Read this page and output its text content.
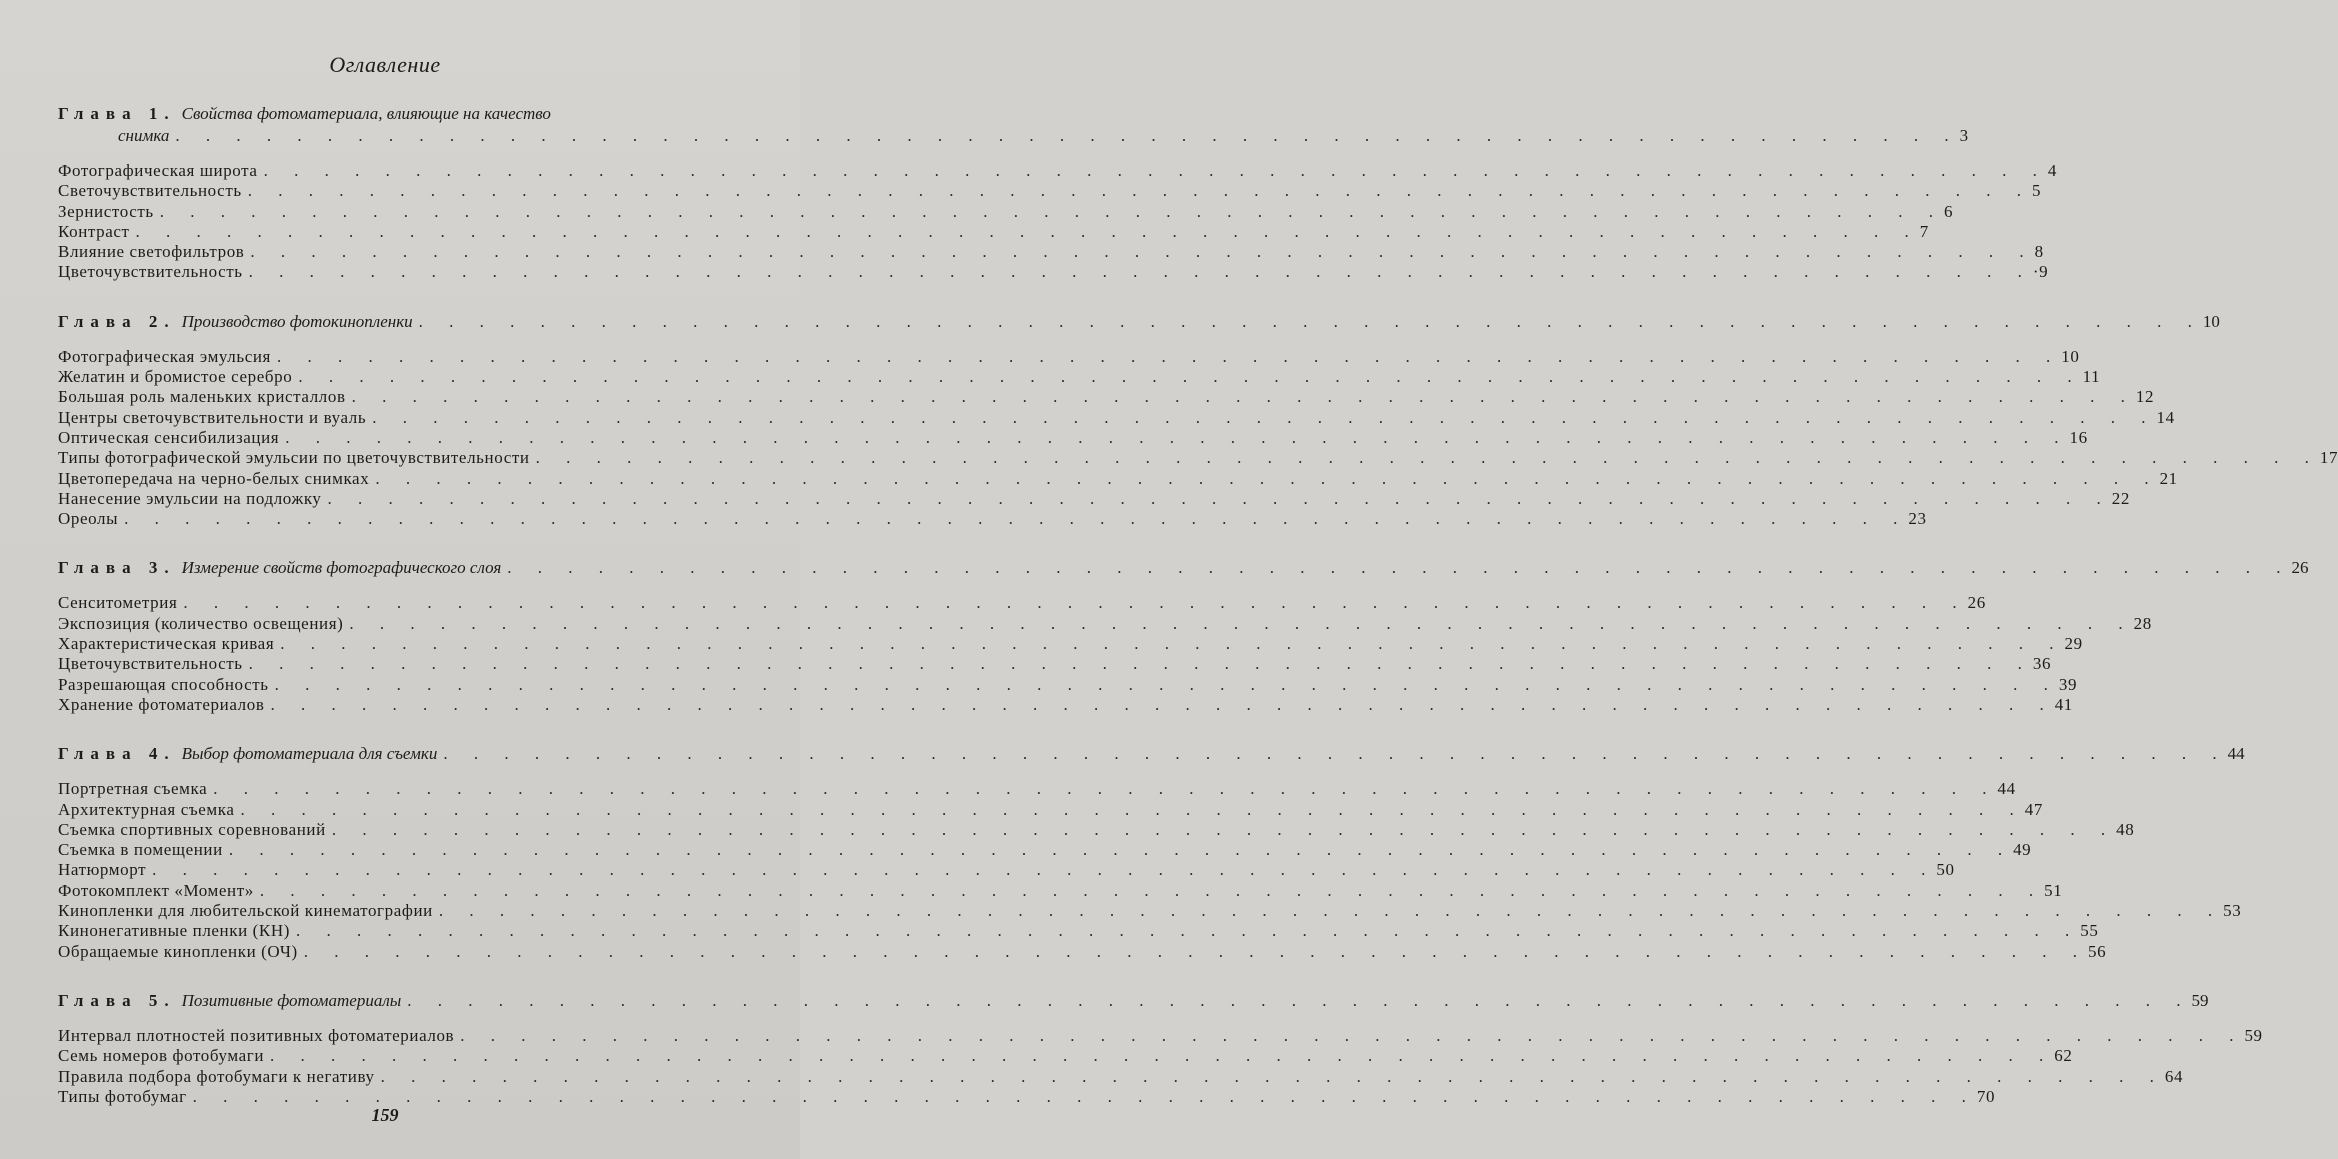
Оглавление
Глава 1. Свойства фотоматериала, влияющие на качество
снимка . . . . . . . . . . . . . . . . . . . . . . . . . . . . . . . . . . . . . . . . . . . . . . . . . . . . . . . . . . . 3
Фотографическая широта . . . . . . . . . . . . . . . . . . . . . . . . . . . . . . . . . . . . . . . . . . . . . . . . . . . . . . . . . . . 4
Светочувствительность . . . . . . . . . . . . . . . . . . . . . . . . . . . . . . . . . . . . . . . . . . . . . . . . . . . . . . . . . . . 5
Зернистость . . . . . . . . . . . . . . . . . . . . . . . . . . . . . . . . . . . . . . . . . . . . . . . . . . . . . . . . . . . 6
Контраст . . . . . . . . . . . . . . . . . . . . . . . . . . . . . . . . . . . . . . . . . . . . . . . . . . . . . . . . . . . 7
Влияние светофильтров . . . . . . . . . . . . . . . . . . . . . . . . . . . . . . . . . . . . . . . . . . . . . . . . . . . . . . . . . . . 8
Цветочувствительность . . . . . . . . . . . . . . . . . . . . . . . . . . . . . . . . . . . . . . . . . . . . . . . . . . . . . . . . . . . ·9
Глава 2. Производство фотокиноплeнки . . . . . . . . . . . . . . . . . . . . . . . . . . . . . . . . . . . . . . . . . . . . . . . . . . . . . . . . . . . 10
Фотографическая эмульсия . . . . . . . . . . . . . . . . . . . . . . . . . . . . . . . . . . . . . . . . . . . . . . . . . . . . . . . . . . . 10
Желатин и бромистое серебро . . . . . . . . . . . . . . . . . . . . . . . . . . . . . . . . . . . . . . . . . . . . . . . . . . . . . . . . . . . 11
Большая роль маленьких кристаллов . . . . . . . . . . . . . . . . . . . . . . . . . . . . . . . . . . . . . . . . . . . . . . . . . . . . . . . . . . . 12
Центры светочувствительности и вуаль . . . . . . . . . . . . . . . . . . . . . . . . . . . . . . . . . . . . . . . . . . . . . . . . . . . . . . . . . . . 14
Оптическая сенсибилизация . . . . . . . . . . . . . . . . . . . . . . . . . . . . . . . . . . . . . . . . . . . . . . . . . . . . . . . . . . . 16
Типы фотографической эмульсии по цветочувствительности . . . . . . . . . . . . . . . . . . . . . . . . . . . . . . . . . . . . . . . . . . . . . . . . . . . . . . . . . . . 17
Цветопередача на черно-белых снимках . . . . . . . . . . . . . . . . . . . . . . . . . . . . . . . . . . . . . . . . . . . . . . . . . . . . . . . . . . . 21
Нанесение эмульсии на подложку . . . . . . . . . . . . . . . . . . . . . . . . . . . . . . . . . . . . . . . . . . . . . . . . . . . . . . . . . . . 22
Ореолы . . . . . . . . . . . . . . . . . . . . . . . . . . . . . . . . . . . . . . . . . . . . . . . . . . . . . . . . . . . 23
Глава 3. Измерение свойств фотографического слоя . . . . . . . . . . . . . . . . . . . . . . . . . . . . . . . . . . . . . . . . . . . . . . . . . . . . . . . . . . . 26
Сенситометрия . . . . . . . . . . . . . . . . . . . . . . . . . . . . . . . . . . . . . . . . . . . . . . . . . . . . . . . . . . . 26
Экспозиция (количество освещения) . . . . . . . . . . . . . . . . . . . . . . . . . . . . . . . . . . . . . . . . . . . . . . . . . . . . . . . . . . . 28
Характеристическая кривая . . . . . . . . . . . . . . . . . . . . . . . . . . . . . . . . . . . . . . . . . . . . . . . . . . . . . . . . . . . 29
Цветочувствительность . . . . . . . . . . . . . . . . . . . . . . . . . . . . . . . . . . . . . . . . . . . . . . . . . . . . . . . . . . . 36
Разрешающая способность . . . . . . . . . . . . . . . . . . . . . . . . . . . . . . . . . . . . . . . . . . . . . . . . . . . . . . . . . . . 39
Хранение фотоматериалов . . . . . . . . . . . . . . . . . . . . . . . . . . . . . . . . . . . . . . . . . . . . . . . . . . . . . . . . . . . 41
Глава 4. Выбор фотоматериала для съемки . . . . . . . . . . . . . . . . . . . . . . . . . . . . . . . . . . . . . . . . . . . . . . . . . . . . . . . . . . . 44
Портретная съемка . . . . . . . . . . . . . . . . . . . . . . . . . . . . . . . . . . . . . . . . . . . . . . . . . . . . . . . . . . . 44
Архитектурная съемка . . . . . . . . . . . . . . . . . . . . . . . . . . . . . . . . . . . . . . . . . . . . . . . . . . . . . . . . . . . 47
Съемка спортивных соревнований . . . . . . . . . . . . . . . . . . . . . . . . . . . . . . . . . . . . . . . . . . . . . . . . . . . . . . . . . . . 48
Съемка в помещении . . . . . . . . . . . . . . . . . . . . . . . . . . . . . . . . . . . . . . . . . . . . . . . . . . . . . . . . . . . 49
Натюрморт . . . . . . . . . . . . . . . . . . . . . . . . . . . . . . . . . . . . . . . . . . . . . . . . . . . . . . . . . . . 50
Фотокомплект «Момент» . . . . . . . . . . . . . . . . . . . . . . . . . . . . . . . . . . . . . . . . . . . . . . . . . . . . . . . . . . . 51
Кинопленки для любительской кинематографии . . . . . . . . . . . . . . . . . . . . . . . . . . . . . . . . . . . . . . . . . . . . . . . . . . . . . . . . . . . 53
Кинонегативные пленки (КН) . . . . . . . . . . . . . . . . . . . . . . . . . . . . . . . . . . . . . . . . . . . . . . . . . . . . . . . . . . . 55
Обращаемые кинопленки (ОЧ) . . . . . . . . . . . . . . . . . . . . . . . . . . . . . . . . . . . . . . . . . . . . . . . . . . . . . . . . . . . 56
Глава 5. Позитивные фотоматериалы . . . . . . . . . . . . . . . . . . . . . . . . . . . . . . . . . . . . . . . . . . . . . . . . . . . . . . . . . . . 59
Интервал плотностей позитивных фотоматериалов . . . . . . . . . . . . . . . . . . . . . . . . . . . . . . . . . . . . . . . . . . . . . . . . . . . . . . . . . . . 59
Семь номеров фотобумаги . . . . . . . . . . . . . . . . . . . . . . . . . . . . . . . . . . . . . . . . . . . . . . . . . . . . . . . . . . . 62
Правила подбора фотобумаги к негативу . . . . . . . . . . . . . . . . . . . . . . . . . . . . . . . . . . . . . . . . . . . . . . . . . . . . . . . . . . . 64
Типы фотобумаг . . . . . . . . . . . . . . . . . . . . . . . . . . . . . . . . . . . . . . . . . . . . . . . . . . . . . . . . . . . 70
159
